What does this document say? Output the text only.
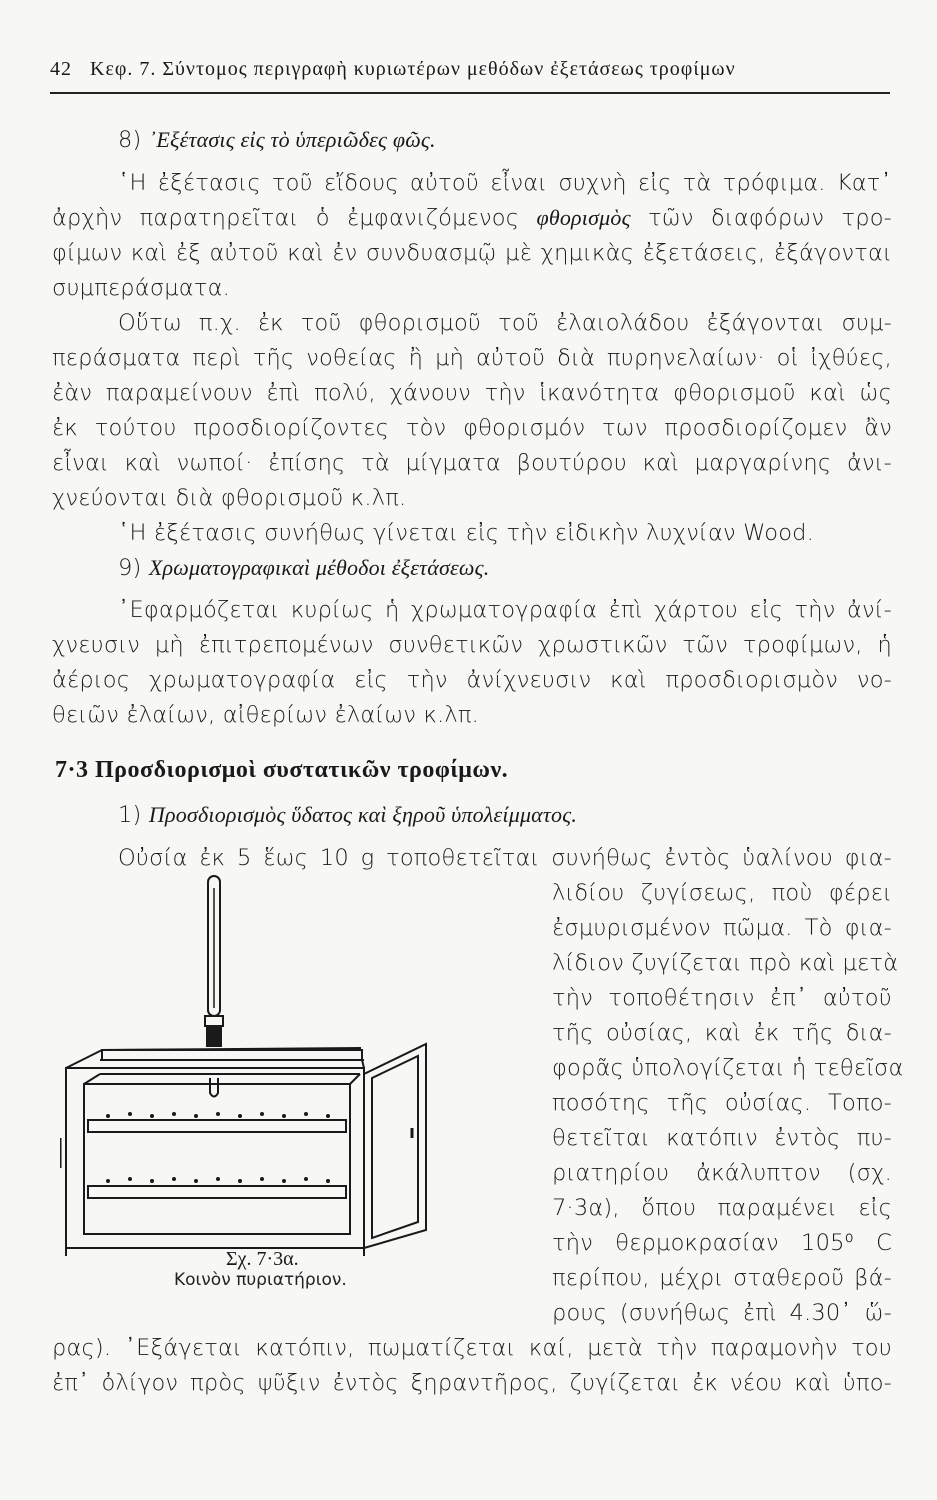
42 Κεφ. 7. Σύντομος περιγραφὴ κυριωτέρων μεθόδων ἐξετάσεως τροφίμων
8) ᾿Εξέτασις εἰς τὸ ὑπεριῶδες φῶς.
῾Η ἐξέτασις τοῦ εἴδους αὐτοῦ εἶναι συχνὴ εἰς τὰ τρόφιμα. Κατ᾿
ἀρχὴν παρατηρεῖται ὁ ἐμφανιζόμενος φθορισμὸς τῶν διαφόρων τρο-
φίμων καὶ ἐξ αὐτοῦ καὶ ἐν συνδυασμῷ μὲ χημικὰς ἐξετάσεις, ἐξάγονται
συμπεράσματα.
Οὕτω π.χ. ἐκ τοῦ φθορισμοῦ τοῦ ἐλαιολάδου ἐξάγονται συμ-
περάσματα περὶ τῆς νοθείας ἢ μὴ αὐτοῦ διὰ πυρηνελαίων· οἱ ἰχθύες,
ἐὰν παραμείνουν ἐπὶ πολύ, χάνουν τὴν ἱκανότητα φθορισμοῦ καὶ ὡς
ἐκ τούτου προσδιορίζοντες τὸν φθορισμόν των προσδιορίζομεν ἂν
εἶναι καὶ νωποί· ἐπίσης τὰ μίγματα βουτύρου καὶ μαργαρίνης ἀνι-
χνεύονται διὰ φθορισμοῦ κ.λπ.
῾Η ἐξέτασις συνήθως γίνεται εἰς τὴν εἰδικὴν λυχνίαν Wood.
9) Χρωματογραφικαὶ μέθοδοι ἐξετάσεως.
᾿Εφαρμόζεται κυρίως ἡ χρωματογραφία ἐπὶ χάρτου εἰς τὴν ἀνί-
χνευσιν μὴ ἐπιτρεπομένων συνθετικῶν χρωστικῶν τῶν τροφίμων, ἡ
ἀέριος χρωματογραφία εἰς τὴν ἀνίχνευσιν καὶ προσδιορισμὸν νο-
θειῶν ἐλαίων, αἰθερίων ἐλαίων κ.λπ.
7·3 Προσδιορισμοὶ συστατικῶν τροφίμων.
1) Προσδιορισμὸς ὕδατος καὶ ξηροῦ ὑπολείμματος.
Οὐσία ἐκ 5 ἕως 10 g τοποθετεῖται συνήθως ἐντὸς ὑαλίνου φια-
λιδίου ζυγίσεως, ποὺ φέρει
ἐσμυρισμένον πῶμα. Τὸ φια-
λίδιον ζυγίζεται πρὸ καὶ μετὰ
τὴν τοποθέτησιν ἐπ᾿ αὐτοῦ
τῆς οὐσίας, καὶ ἐκ τῆς δια-
φορᾶς ὑπολογίζεται ἡ τεθεῖσα
ποσότης τῆς οὐσίας. Τοπο-
θετεῖται κατόπιν ἐντὸς πυ-
ριατηρίου ἀκάλυπτον (σχ.
7·3α), ὅπου παραμένει εἰς
τὴν θερμοκρασίαν 105⁰ C
περίπου, μέχρι σταθεροῦ βά-
ρους (συνήθως ἐπὶ 4.30᾿ ὥ-
ρας). ᾿Εξάγεται κατόπιν, πωματίζεται καί, μετὰ τὴν παραμονὴν του
ἐπ᾿ ὀλίγον πρὸς ψῦξιν ἐντὸς ξηραντῆρος, ζυγίζεται ἐκ νέου καὶ ὑπο-
Σχ. 7·3α.
Κοινὸν πυριατήριον.
